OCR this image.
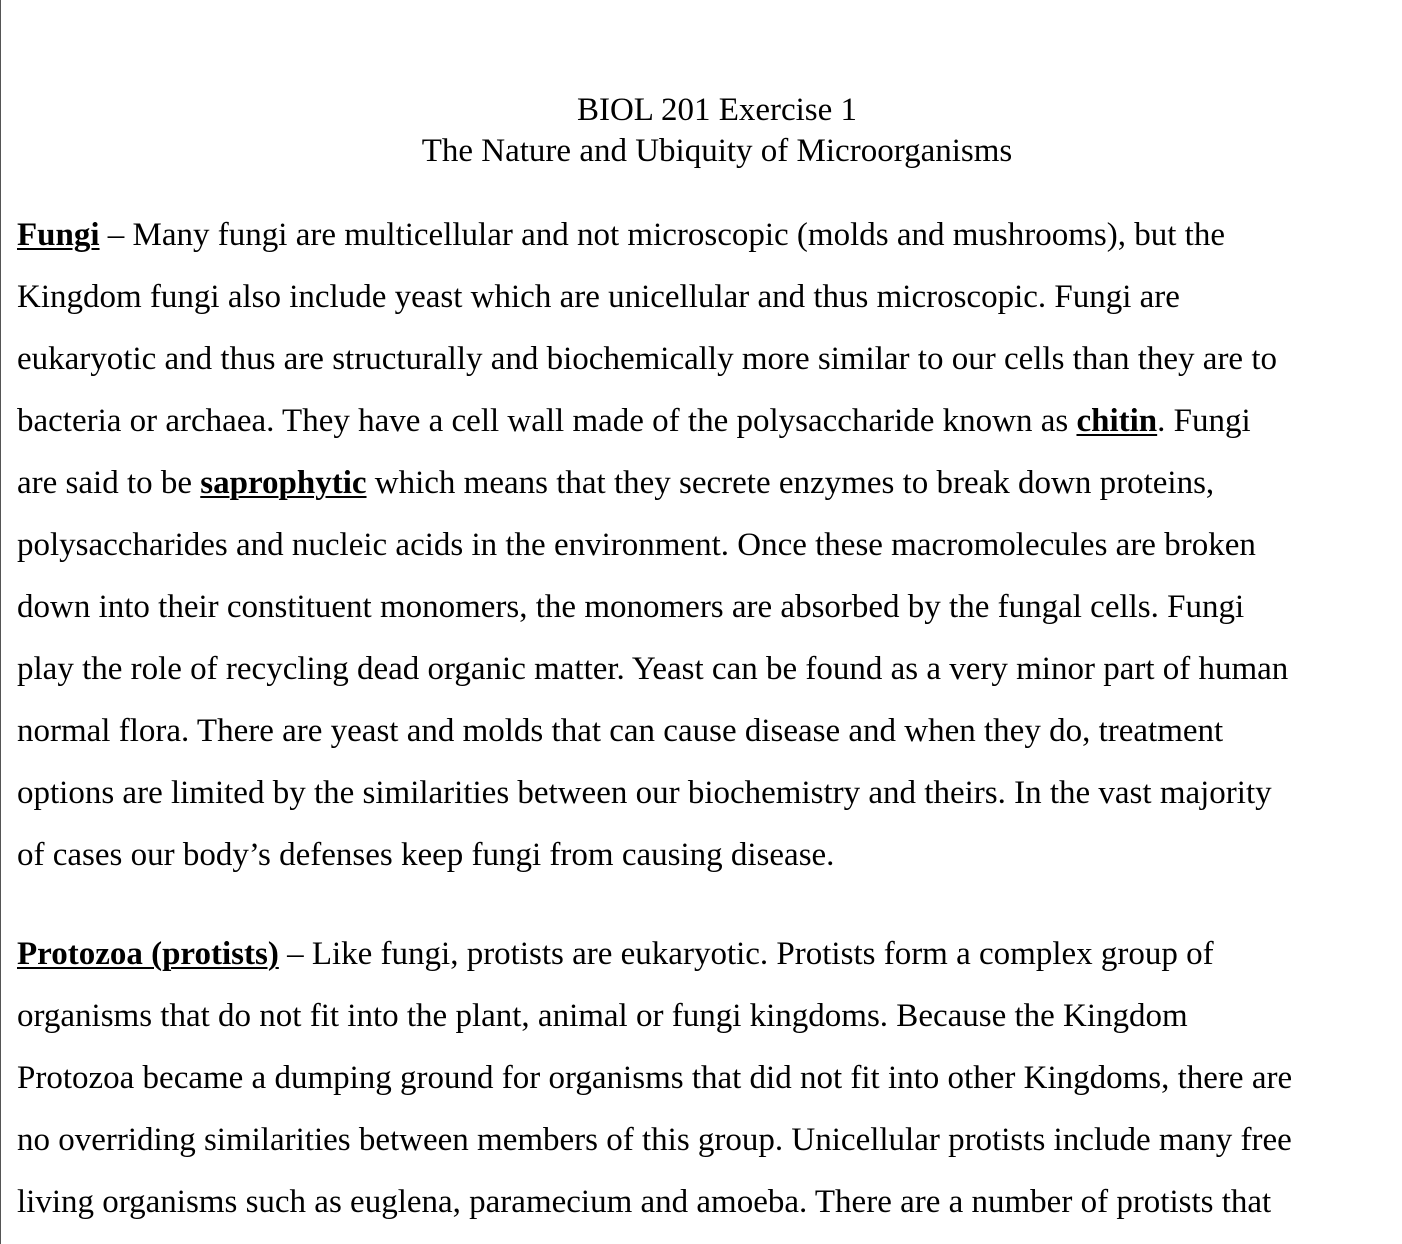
BIOL 201 Exercise 1
The Nature and Ubiquity of Microorganisms
Fungi – Many fungi are multicellular and not microscopic (molds and mushrooms), but the
Kingdom fungi also include yeast which are unicellular and thus microscopic. Fungi are
eukaryotic and thus are structurally and biochemically more similar to our cells than they are to
bacteria or archaea. They have a cell wall made of the polysaccharide known as chitin. Fungi
are said to be saprophytic which means that they secrete enzymes to break down proteins,
polysaccharides and nucleic acids in the environment. Once these macromolecules are broken
down into their constituent monomers, the monomers are absorbed by the fungal cells. Fungi
play the role of recycling dead organic matter. Yeast can be found as a very minor part of human
normal flora. There are yeast and molds that can cause disease and when they do, treatment
options are limited by the similarities between our biochemistry and theirs. In the vast majority
of cases our body’s defenses keep fungi from causing disease.
Protozoa (protists) – Like fungi, protists are eukaryotic. Protists form a complex group of
organisms that do not fit into the plant, animal or fungi kingdoms. Because the Kingdom
Protozoa became a dumping ground for organisms that did not fit into other Kingdoms, there are
no overriding similarities between members of this group. Unicellular protists include many free
living organisms such as euglena, paramecium and amoeba. There are a number of protists that
